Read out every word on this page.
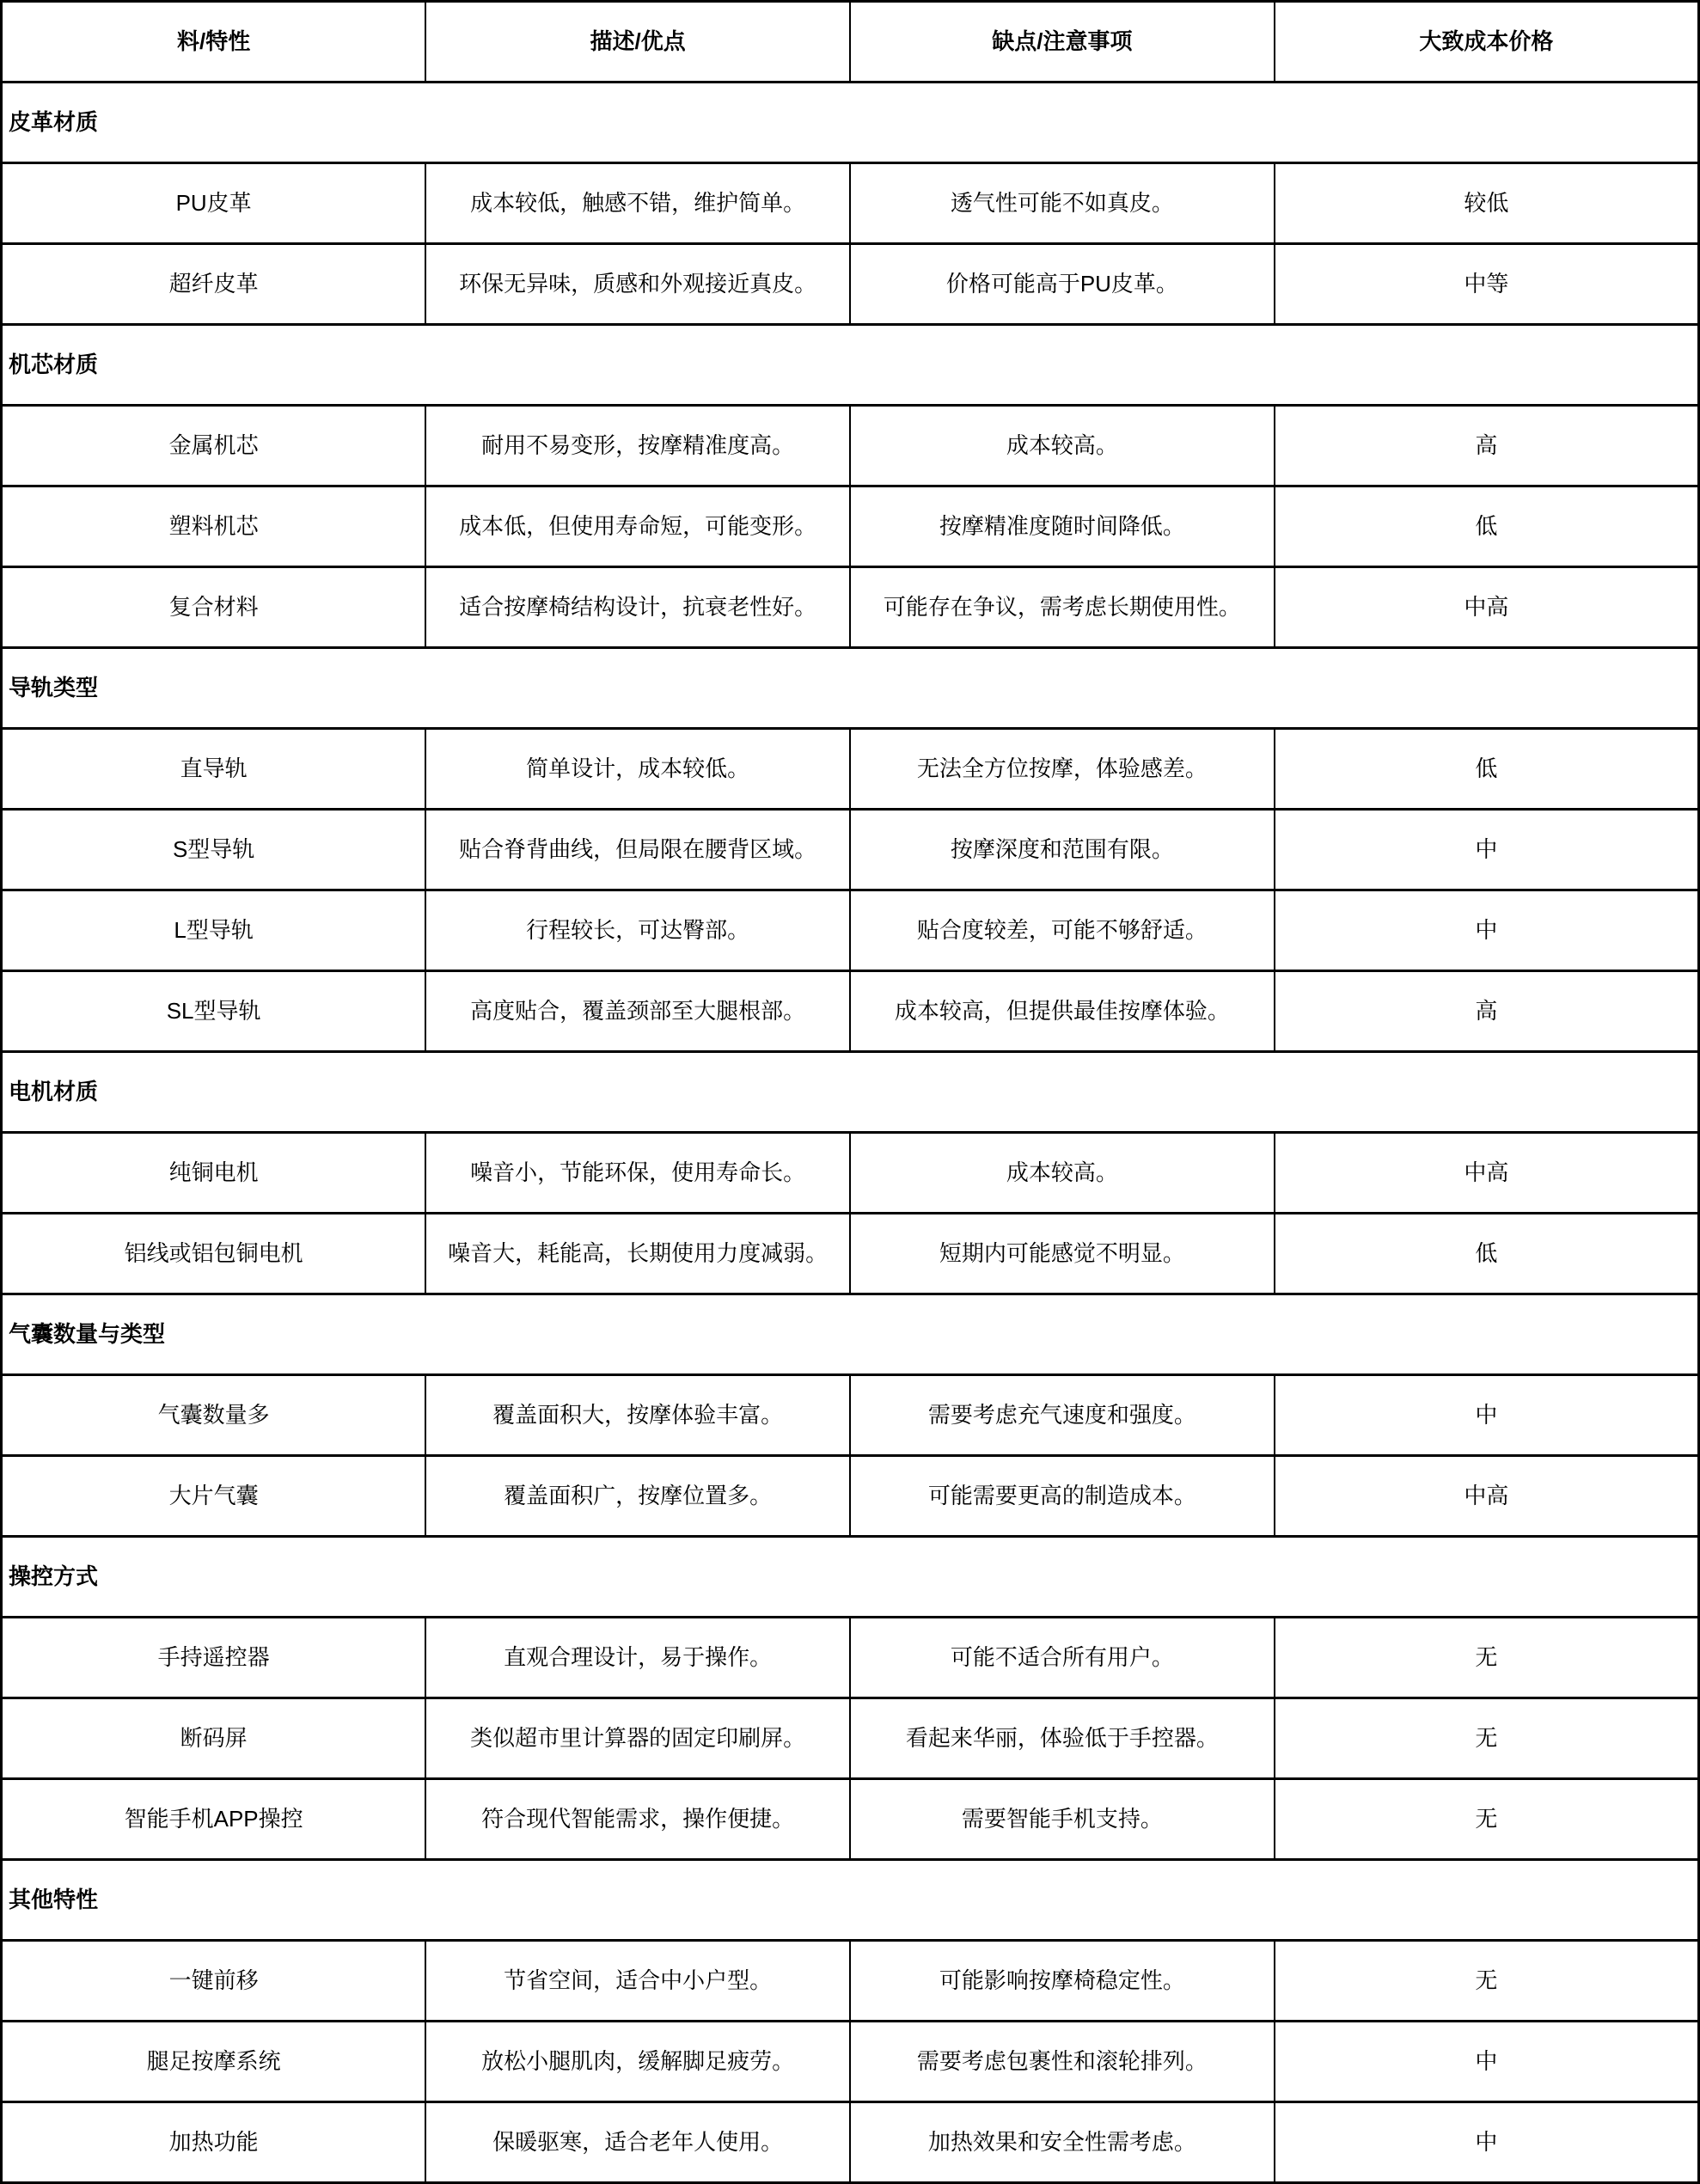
料/特性	描述/优点	缺点/注意事项	大致成本价格
皮革材质			
PU皮革	成本较低，触感不错，维护简单。	透气性可能不如真皮。	较低
超纤皮革	环保无异味，质感和外观接近真皮。	价格可能高于PU皮革。	中等
机芯材质			
金属机芯	耐用不易变形，按摩精准度高。	成本较高。	高
塑料机芯	成本低，但使用寿命短，可能变形。	按摩精准度随时间降低。	低
复合材料	适合按摩椅结构设计，抗衰老性好。	可能存在争议，需考虑长期使用性。	中高
导轨类型			
直导轨	简单设计，成本较低。	无法全方位按摩，体验感差。	低
S型导轨	贴合脊背曲线，但局限在腰背区域。	按摩深度和范围有限。	中
L型导轨	行程较长，可达臀部。	贴合度较差，可能不够舒适。	中
SL型导轨	高度贴合，覆盖颈部至大腿根部。	成本较高，但提供最佳按摩体验。	高
电机材质			
纯铜电机	噪音小，节能环保，使用寿命长。	成本较高。	中高
铝线或铝包铜电机	噪音大，耗能高，长期使用力度减弱。	短期内可能感觉不明显。	低
气囊数量与类型			
气囊数量多	覆盖面积大，按摩体验丰富。	需要考虑充气速度和强度。	中
大片气囊	覆盖面积广，按摩位置多。	可能需要更高的制造成本。	中高
操控方式			
手持遥控器	直观合理设计，易于操作。	可能不适合所有用户。	无
断码屏	类似超市里计算器的固定印刷屏。	看起来华丽，体验低于手控器。	无
智能手机APP操控	符合现代智能需求，操作便捷。	需要智能手机支持。	无
其他特性			
一键前移	节省空间，适合中小户型。	可能影响按摩椅稳定性。	无
腿足按摩系统	放松小腿肌肉，缓解脚足疲劳。	需要考虑包裹性和滚轮排列。	中
加热功能	保暖驱寒，适合老年人使用。	加热效果和安全性需考虑。	中
